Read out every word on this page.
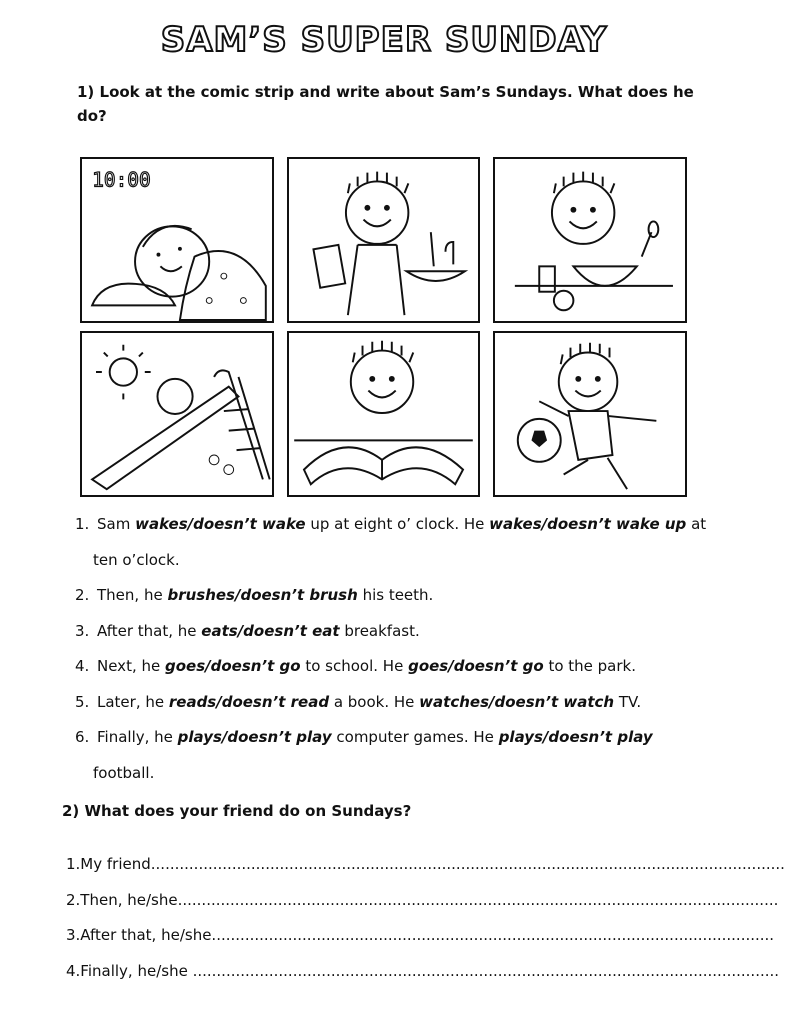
SAM’S SUPER SUNDAY
1) Look at the comic strip and write about Sam’s Sundays. What does he do?
10:00
1. Sam wakes/doesn’t wake up at eight o’ clock. He wakes/doesn’t wake up at
ten o’clock.
2. Then, he brushes/doesn’t brush his teeth.
3. After that, he eats/doesn’t eat breakfast.
4. Next, he goes/doesn’t go to school. He goes/doesn’t go to the park.
5. Later, he reads/doesn’t read a book. He watches/doesn’t watch TV.
6. Finally, he plays/doesn’t play computer games. He plays/doesn’t play
football.
2) What does your friend do on Sundays?
1.My friend.....................................................................................................................................
2.Then, he/she..............................................................................................................................
3.After that, he/she......................................................................................................................
4.Finally, he/she ...........................................................................................................................
